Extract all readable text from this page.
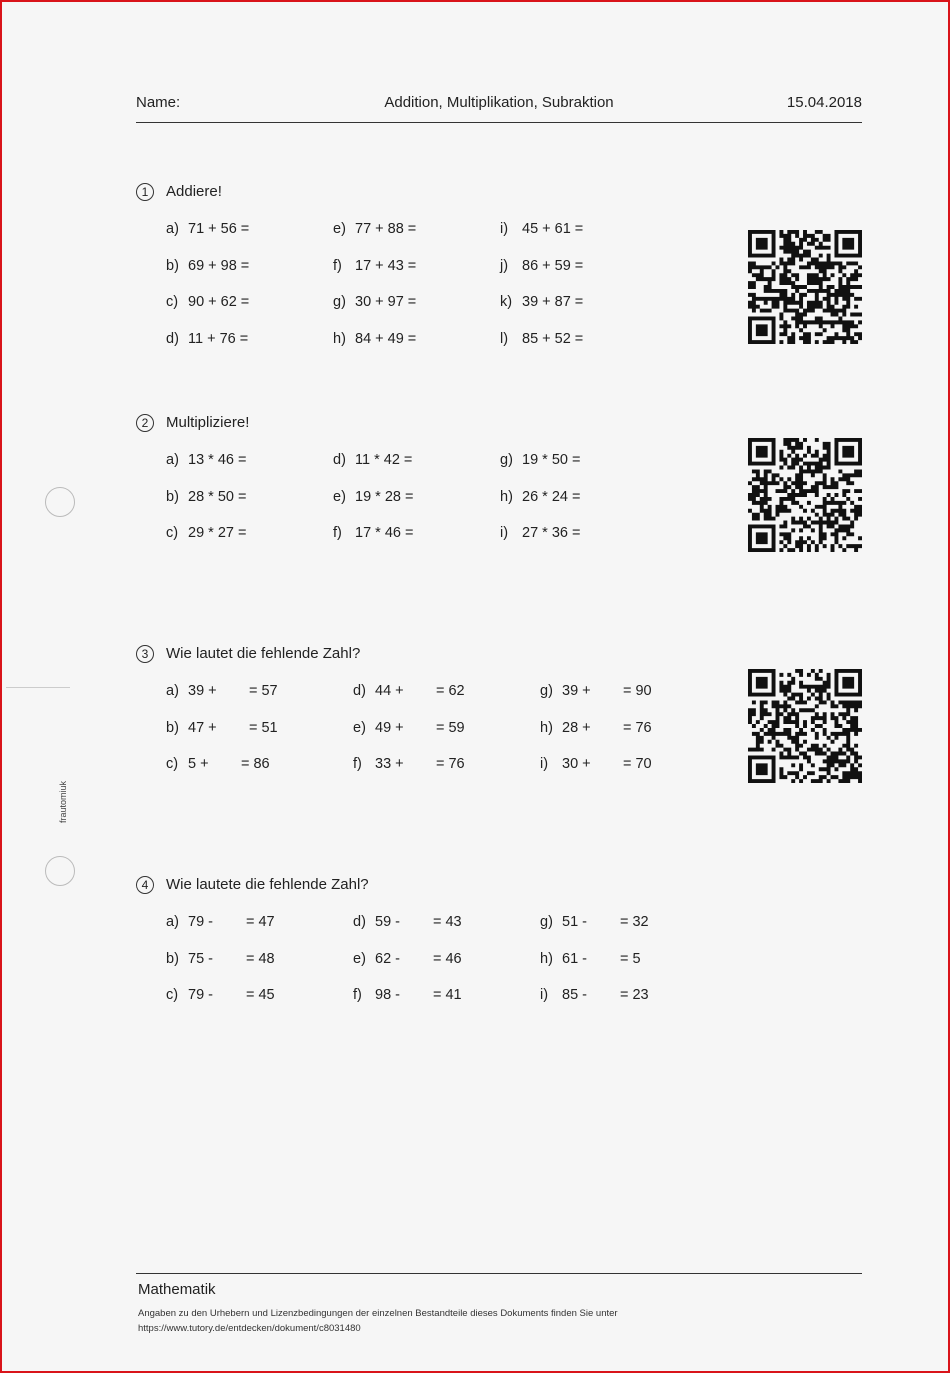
Name:	Addition, Multiplikation, Subraktion	15.04.2018
frautomiuk
1	Addiere!
a) 71 + 56 =	e) 77 + 88 =	i) 45 + 61 =
b) 69 + 98 =	f) 17 + 43 =	j) 86 + 59 =
c) 90 + 62 =	g) 30 + 97 =	k) 39 + 87 =
d) 11 + 76 =	h) 84 + 49 =	l) 85 + 52 =
2	Multipliziere!
a) 13 * 46 =	d) 11 * 42 =	g) 19 * 50 =
b) 28 * 50 =	e) 19 * 28 =	h) 26 * 24 =
c) 29 * 27 =	f) 17 * 46 =	i) 27 * 36 =
3	Wie lautet die fehlende Zahl?
a) 39 + = 57	d) 44 + = 62	g) 39 + = 90
b) 47 + = 51	e) 49 + = 59	h) 28 + = 76
c) 5 + = 86	f) 33 + = 76	i) 30 + = 70
4	Wie lautete die fehlende Zahl?
a) 79 - = 47	d) 59 - = 43	g) 51 - = 32
b) 75 - = 48	e) 62 - = 46	h) 61 - = 5
c) 79 - = 45	f) 98 - = 41	i) 85 - = 23
Mathematik
Angaben zu den Urhebern und Lizenzbedingungen der einzelnen Bestandteile dieses Dokuments finden Sie unter
https://www.tutory.de/entdecken/dokument/c8031480
